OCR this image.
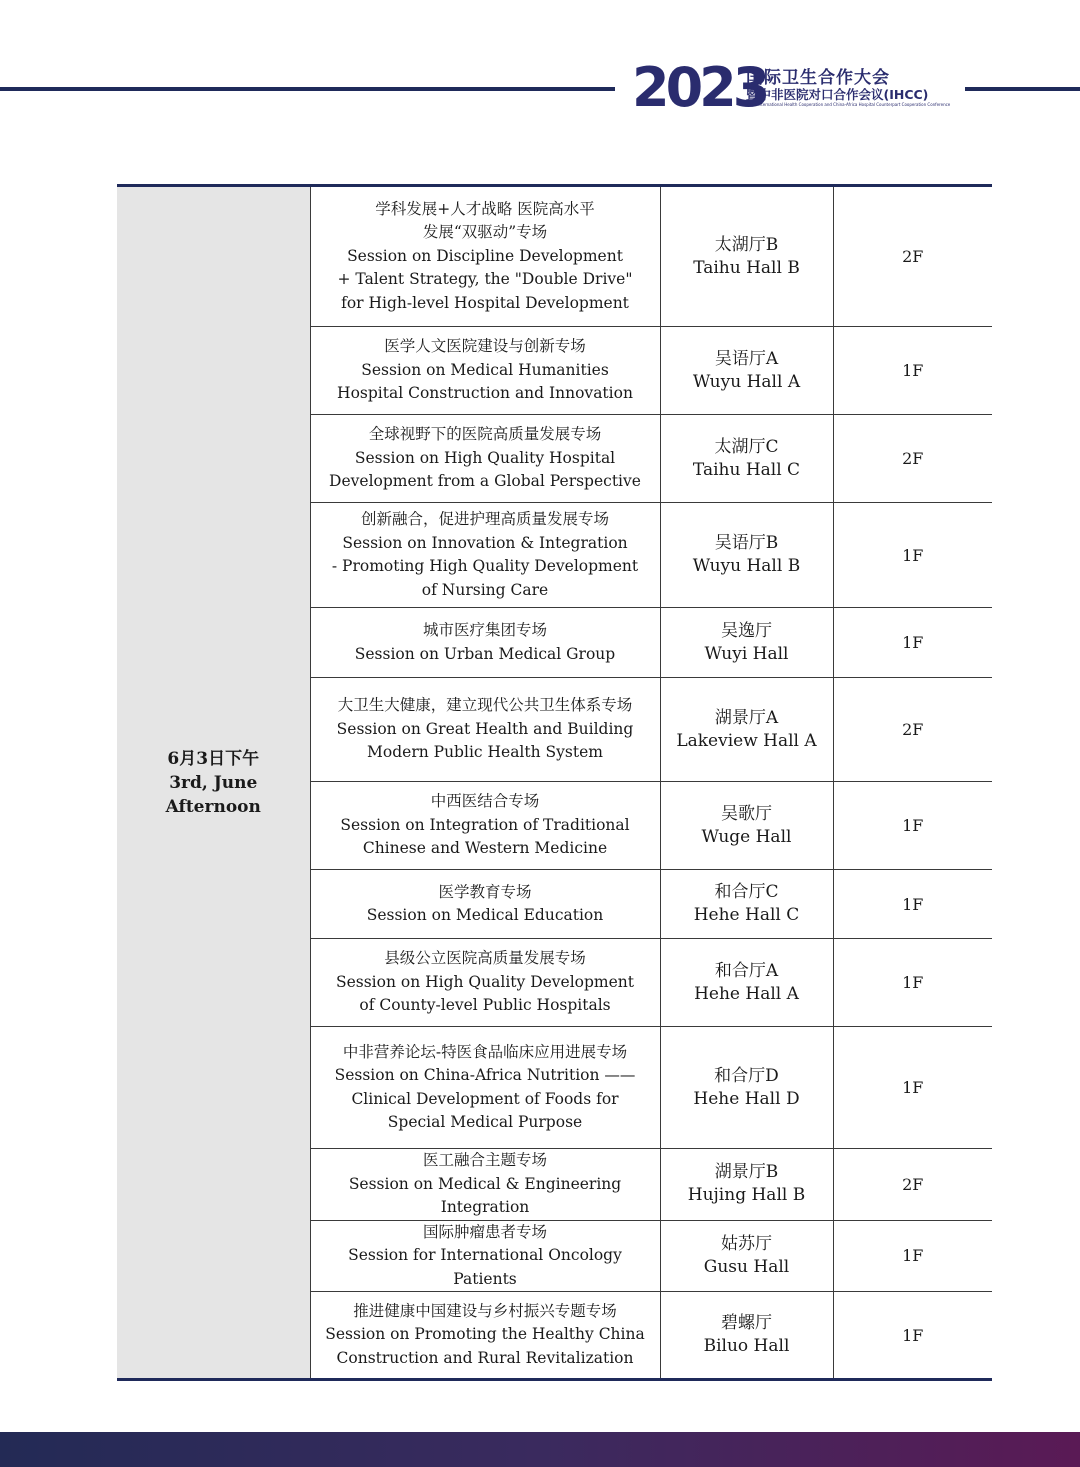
2023
国际卫生合作大会
暨中非医院对口合作会议(IHCC)
2023 International Health Cooperation and China-Africa Hospital Counterpart Cooperation Conference
6月3日下午
3rd, June Afternoon	学科发展+人才战略 医院高水平
发展“双驱动”专场
Session on Discipline Development
+ Talent Strategy, the "Double Drive"
for High-level Hospital Development	太湖厅B
Taihu Hall B	2F

	医学人文医院建设与创新专场
Session on Medical Humanities
Hospital Construction and Innovation	吴语厅A
Wuyu Hall A	1F

	全球视野下的医院高质量发展专场
Session on High Quality Hospital
Development from a Global Perspective	太湖厅C
Taihu Hall C	2F

	创新融合，促进护理高质量发展专场
Session on Innovation & Integration
- Promoting High Quality Development
of Nursing Care	吴语厅B
Wuyu Hall B	1F

	城市医疗集团专场
Session on Urban Medical Group	吴逸厅
Wuyi Hall	1F

	大卫生大健康，建立现代公共卫生体系专场
Session on Great Health and Building
Modern Public Health System	湖景厅A
Lakeview Hall A	2F

	中西医结合专场
Session on Integration of Traditional
Chinese and Western Medicine	吴歌厅
Wuge Hall	1F

	医学教育专场
Session on Medical Education	和合厅C
Hehe Hall C	1F

	县级公立医院高质量发展专场
Session on High Quality Development
of County-level Public Hospitals	和合厅A
Hehe Hall A	1F

	中非营养论坛-特医食品临床应用进展专场
Session on China-Africa Nutrition ——
Clinical Development of Foods for
Special Medical Purpose	和合厅D
Hehe Hall D	1F

	医工融合主题专场
Session on Medical & Engineering Integration	湖景厅B
Hujing Hall B	2F

	国际肿瘤患者专场
Session for International Oncology Patients	姑苏厅
Gusu Hall	1F

	推进健康中国建设与乡村振兴专题专场
Session on Promoting the Healthy China
Construction and Rural Revitalization	碧螺厅
Biluo Hall	1F
